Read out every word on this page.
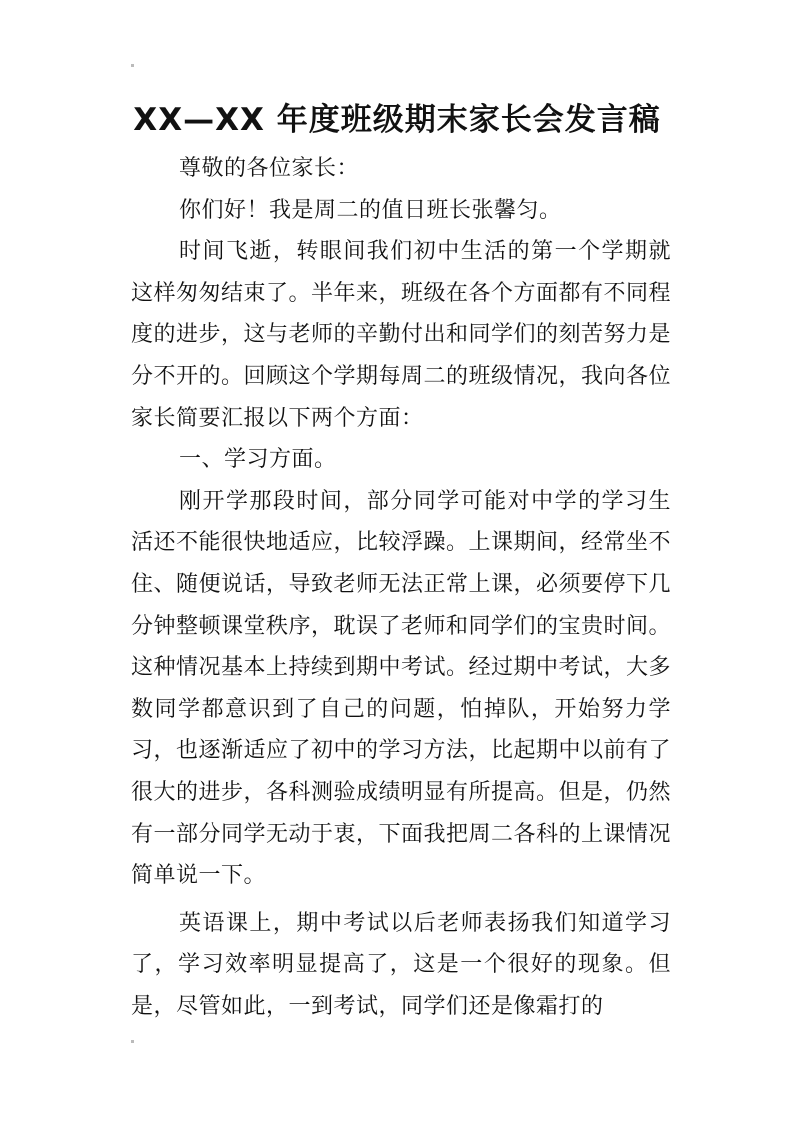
XX—XX 年度班级期末家长会发言稿

尊敬的各位家长：

你们好！我是周二的值日班长张馨匀。

时间飞逝，转眼间我们初中生活的第一个学期就这样匆匆结束了。半年来，班级在各个方面都有不同程度的进步，这与老师的辛勤付出和同学们的刻苦努力是分不开的。回顾这个学期每周二的班级情况，我向各位家长简要汇报以下两个方面：

一、学习方面。

刚开学那段时间，部分同学可能对中学的学习生活还不能很快地适应，比较浮躁。上课期间，经常坐不住、随便说话，导致老师无法正常上课，必须要停下几分钟整顿课堂秩序，耽误了老师和同学们的宝贵时间。这种情况基本上持续到期中考试。经过期中考试，大多数同学都意识到了自己的问题，怕掉队，开始努力学习，也逐渐适应了初中的学习方法，比起期中以前有了很大的进步，各科测验成绩明显有所提高。但是，仍然有一部分同学无动于衷，下面我把周二各科的上课情况简单说一下。

英语课上，期中考试以后老师表扬我们知道学习了，学习效率明显提高了，这是一个很好的现象。但是，尽管如此，一到考试，同学们还是像霜打的
